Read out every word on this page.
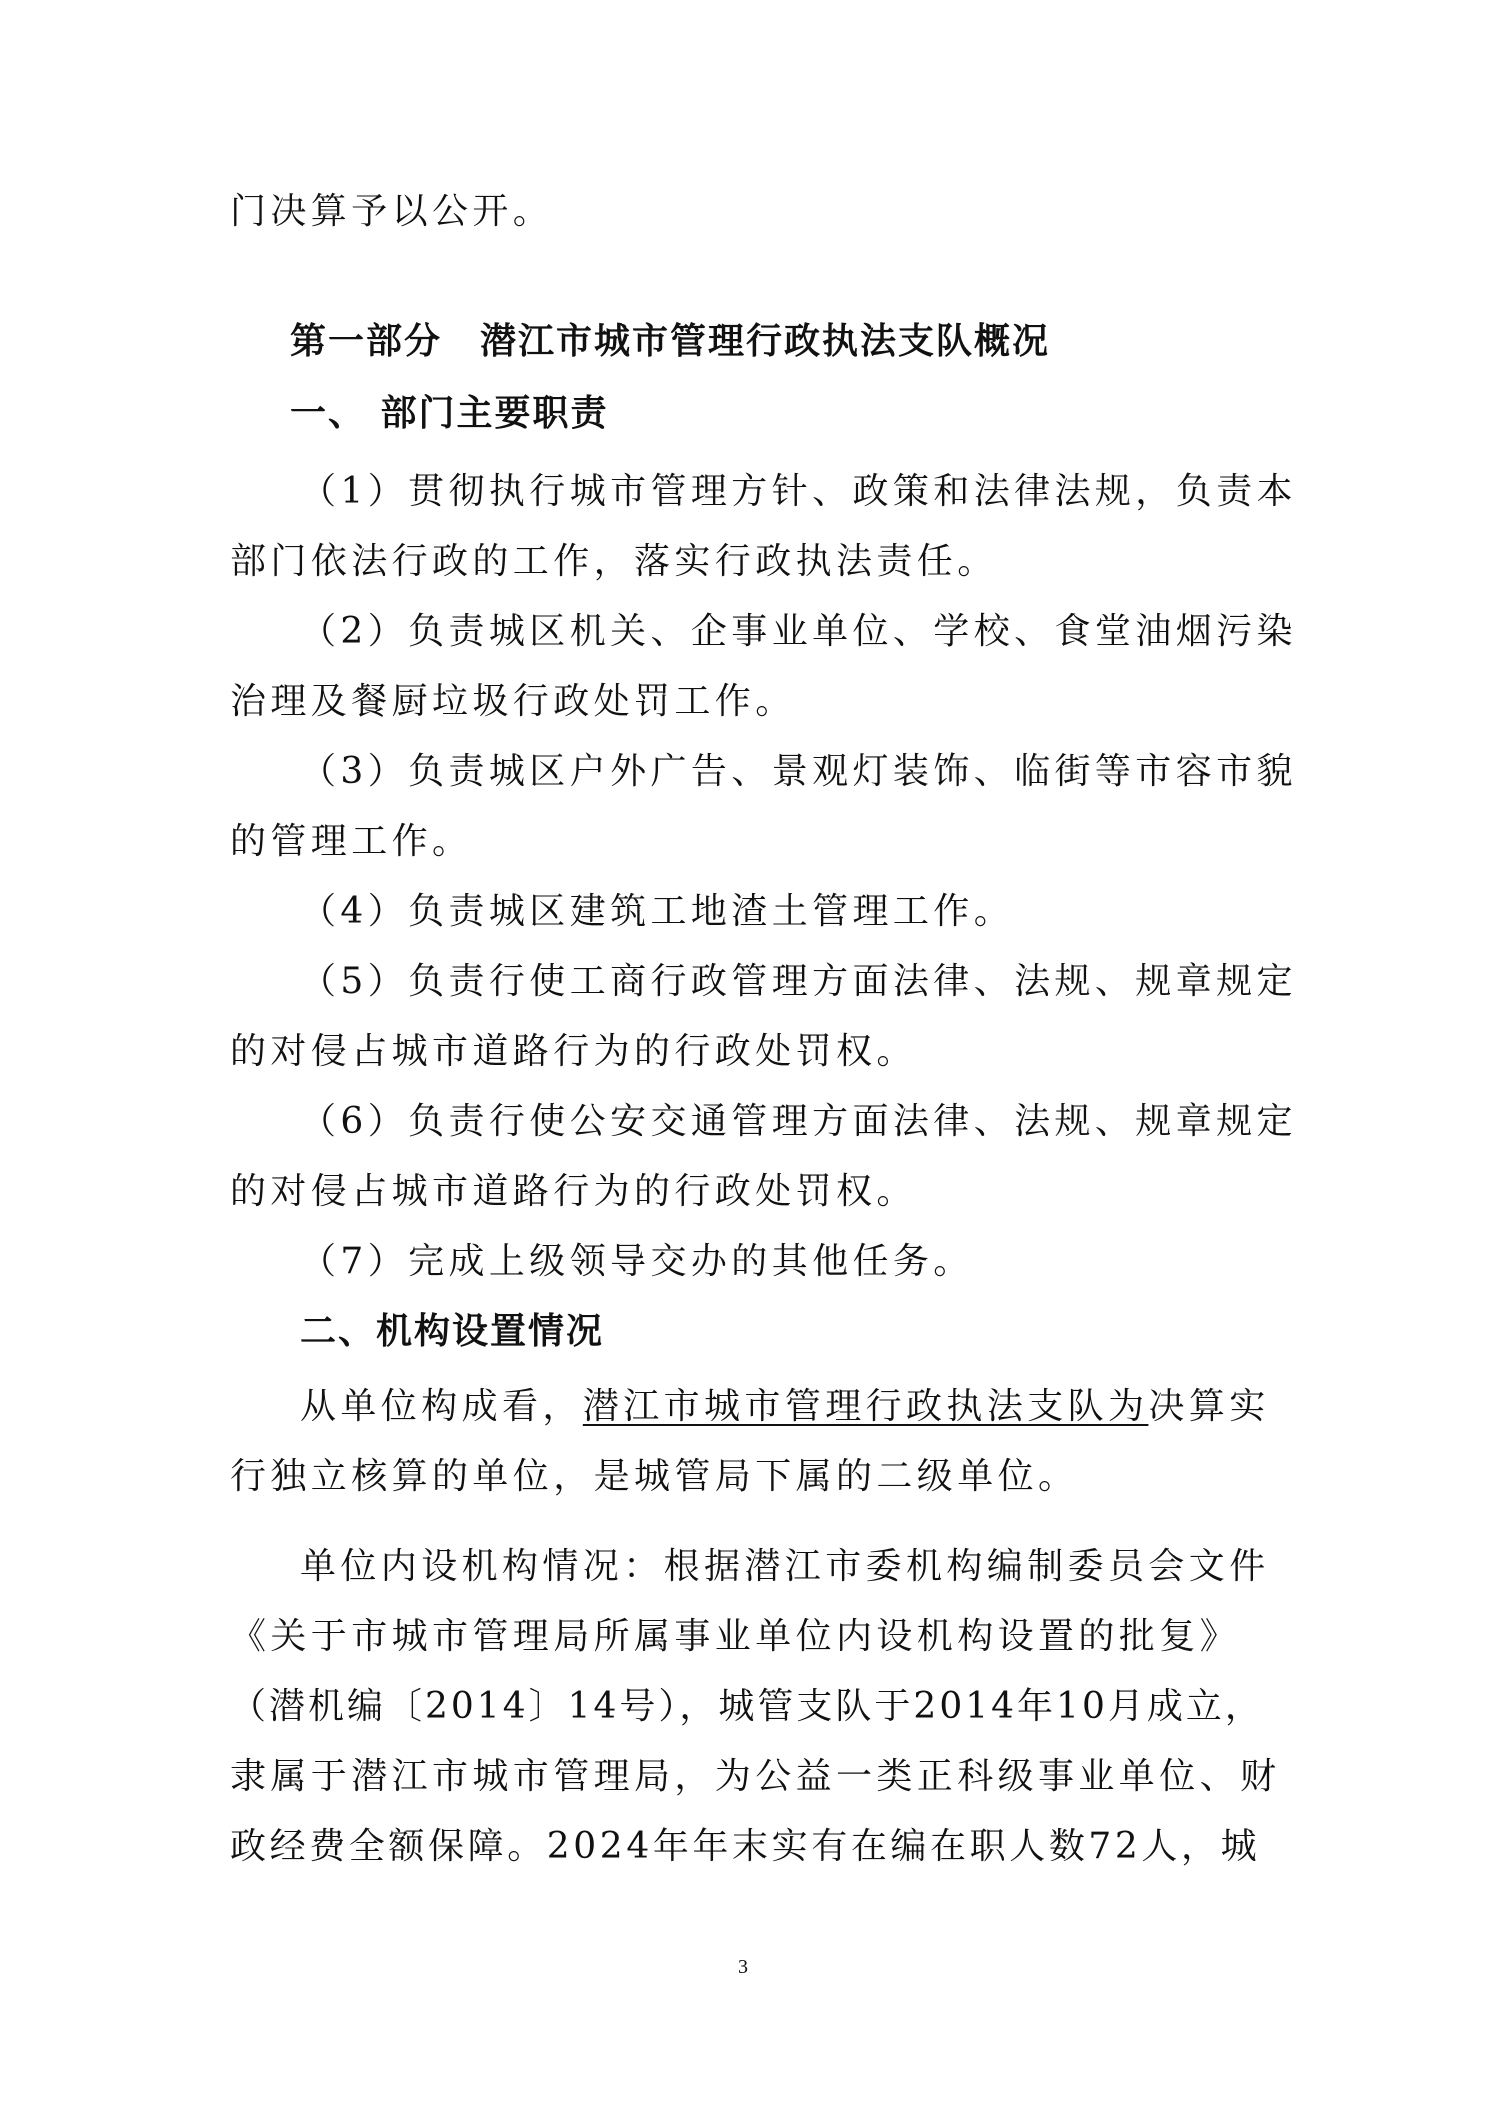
门决算予以公开。
第一部分　潜江市城市管理行政执法支队概况
一、 部门主要职责
（1）贯彻执行城市管理方针、政策和法律法规，负责本
部门依法行政的工作，落实行政执法责任。
（2）负责城区机关、企事业单位、学校、食堂油烟污染
治理及餐厨垃圾行政处罚工作。
（3）负责城区户外广告、景观灯装饰、临街等市容市貌
的管理工作。
（4）负责城区建筑工地渣土管理工作。
（5）负责行使工商行政管理方面法律、法规、规章规定
的对侵占城市道路行为的行政处罚权。
（6）负责行使公安交通管理方面法律、法规、规章规定
的对侵占城市道路行为的行政处罚权。
（7）完成上级领导交办的其他任务。
二、机构设置情况
从单位构成看，潜江市城市管理行政执法支队为决算实
行独立核算的单位，是城管局下属的二级单位。
单位内设机构情况：根据潜江市委机构编制委员会文件
《关于市城市管理局所属事业单位内设机构设置的批复》
（潜机编〔2014〕14号），城管支队于2014年10月成立，
隶属于潜江市城市管理局，为公益一类正科级事业单位、财
政经费全额保障。2024年年末实有在编在职人数72人，城
3
